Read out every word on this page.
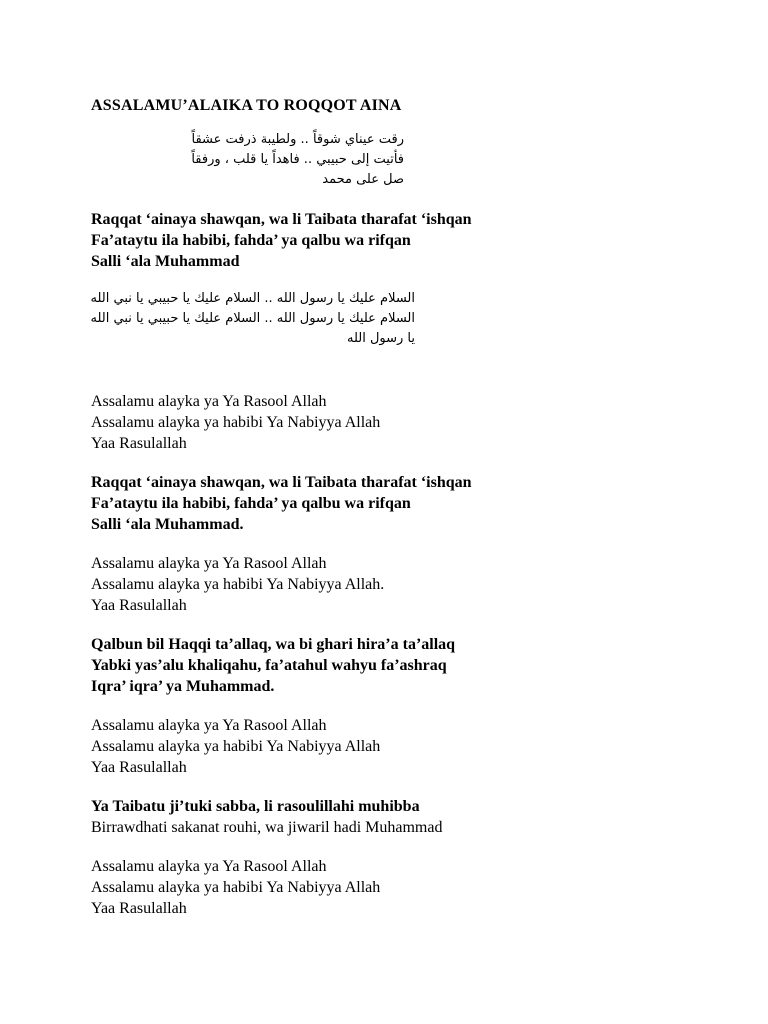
ASSALAMU’ALAIKA TO ROQQOT AINA
رقت عيناي شوقاً .. ولطيبة ذرفت عشقاً
فأتيت إلى حبيبي .. فاهداً يا قلب ، ورفقاً
صل على محمد
Raqqat ‘ainaya shawqan, wa li Taibata tharafat ‘ishqan
Fa’ataytu ila habibi, fahda’ ya qalbu wa rifqan
Salli ‘ala Muhammad
السلام عليك يا رسول الله .. السلام عليك يا حبيبي يا نبي الله
السلام عليك يا رسول الله .. السلام عليك يا حبيبي يا نبي الله
يا رسول الله
Assalamu alayka ya Ya Rasool Allah
Assalamu alayka ya habibi Ya Nabiyya Allah
Yaa Rasulallah
Raqqat ‘ainaya shawqan, wa li Taibata tharafat ‘ishqan
Fa’ataytu ila habibi, fahda’ ya qalbu wa rifqan
Salli ‘ala Muhammad.
Assalamu alayka ya Ya Rasool Allah
Assalamu alayka ya habibi Ya Nabiyya Allah.
Yaa Rasulallah
Qalbun bil Haqqi ta’allaq, wa bi ghari hira’a ta’allaq
Yabki yas’alu khaliqahu, fa’atahul wahyu fa’ashraq
Iqra’ iqra’ ya Muhammad.
Assalamu alayka ya Ya Rasool Allah
Assalamu alayka ya habibi Ya Nabiyya Allah
Yaa Rasulallah
Ya Taibatu ji’tuki sabba, li rasoulillahi muhibba
Birrawdhati sakanat rouhi, wa jiwaril hadi Muhammad
Assalamu alayka ya Ya Rasool Allah
Assalamu alayka ya habibi Ya Nabiyya Allah
Yaa Rasulallah
